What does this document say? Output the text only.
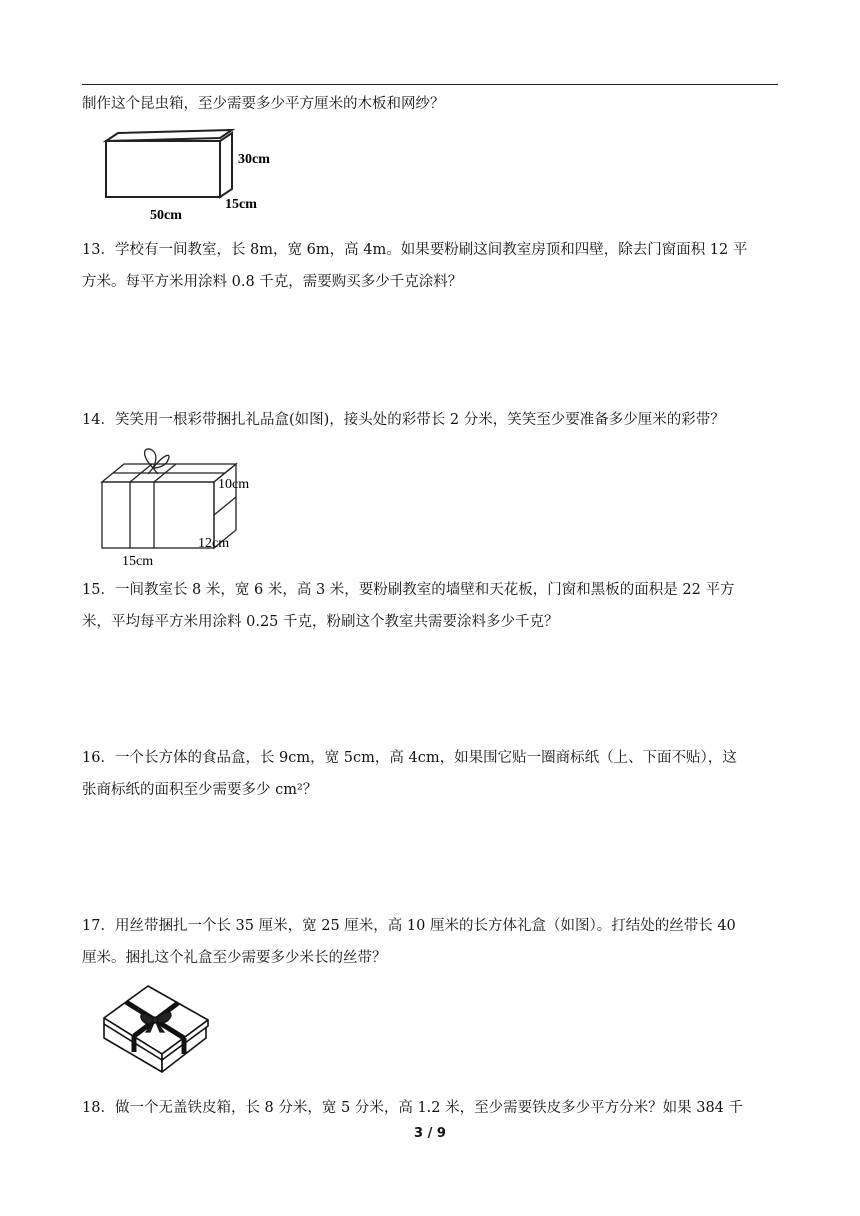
制作这个昆虫箱，至少需要多少平方厘米的木板和网纱？

30cm
15cm
50cm

13．学校有一间教室，长 8m，宽 6m，高 4m。如果要粉刷这间教室房顶和四壁，除去门窗面积 12 平
方米。每平方米用涂料 0.8 千克，需要购买多少千克涂料？

14．笑笑用一根彩带捆扎礼品盒(如图)，接头处的彩带长 2 分米，笑笑至少要准备多少厘米的彩带？

10cm
12cm
15cm

15．一间教室长 8 米，宽 6 米，高 3 米，要粉刷教室的墙壁和天花板，门窗和黑板的面积是 22 平方
米，平均每平方米用涂料 0.25 千克，粉刷这个教室共需要涂料多少千克？

16．一个长方体的食品盒，长 9cm，宽 5cm，高 4cm，如果围它贴一圈商标纸（上、下面不贴），这
张商标纸的面积至少需要多少 cm²？

17．用丝带捆扎一个长 35 厘米，宽 25 厘米，高 10 厘米的长方体礼盒（如图）。打结处的丝带长 40
厘米。捆扎这个礼盒至少需要多少米长的丝带？

18．做一个无盖铁皮箱，长 8 分米，宽 5 分米，高 1.2 米，至少需要铁皮多少平方分米？如果 384 千

3 / 9
